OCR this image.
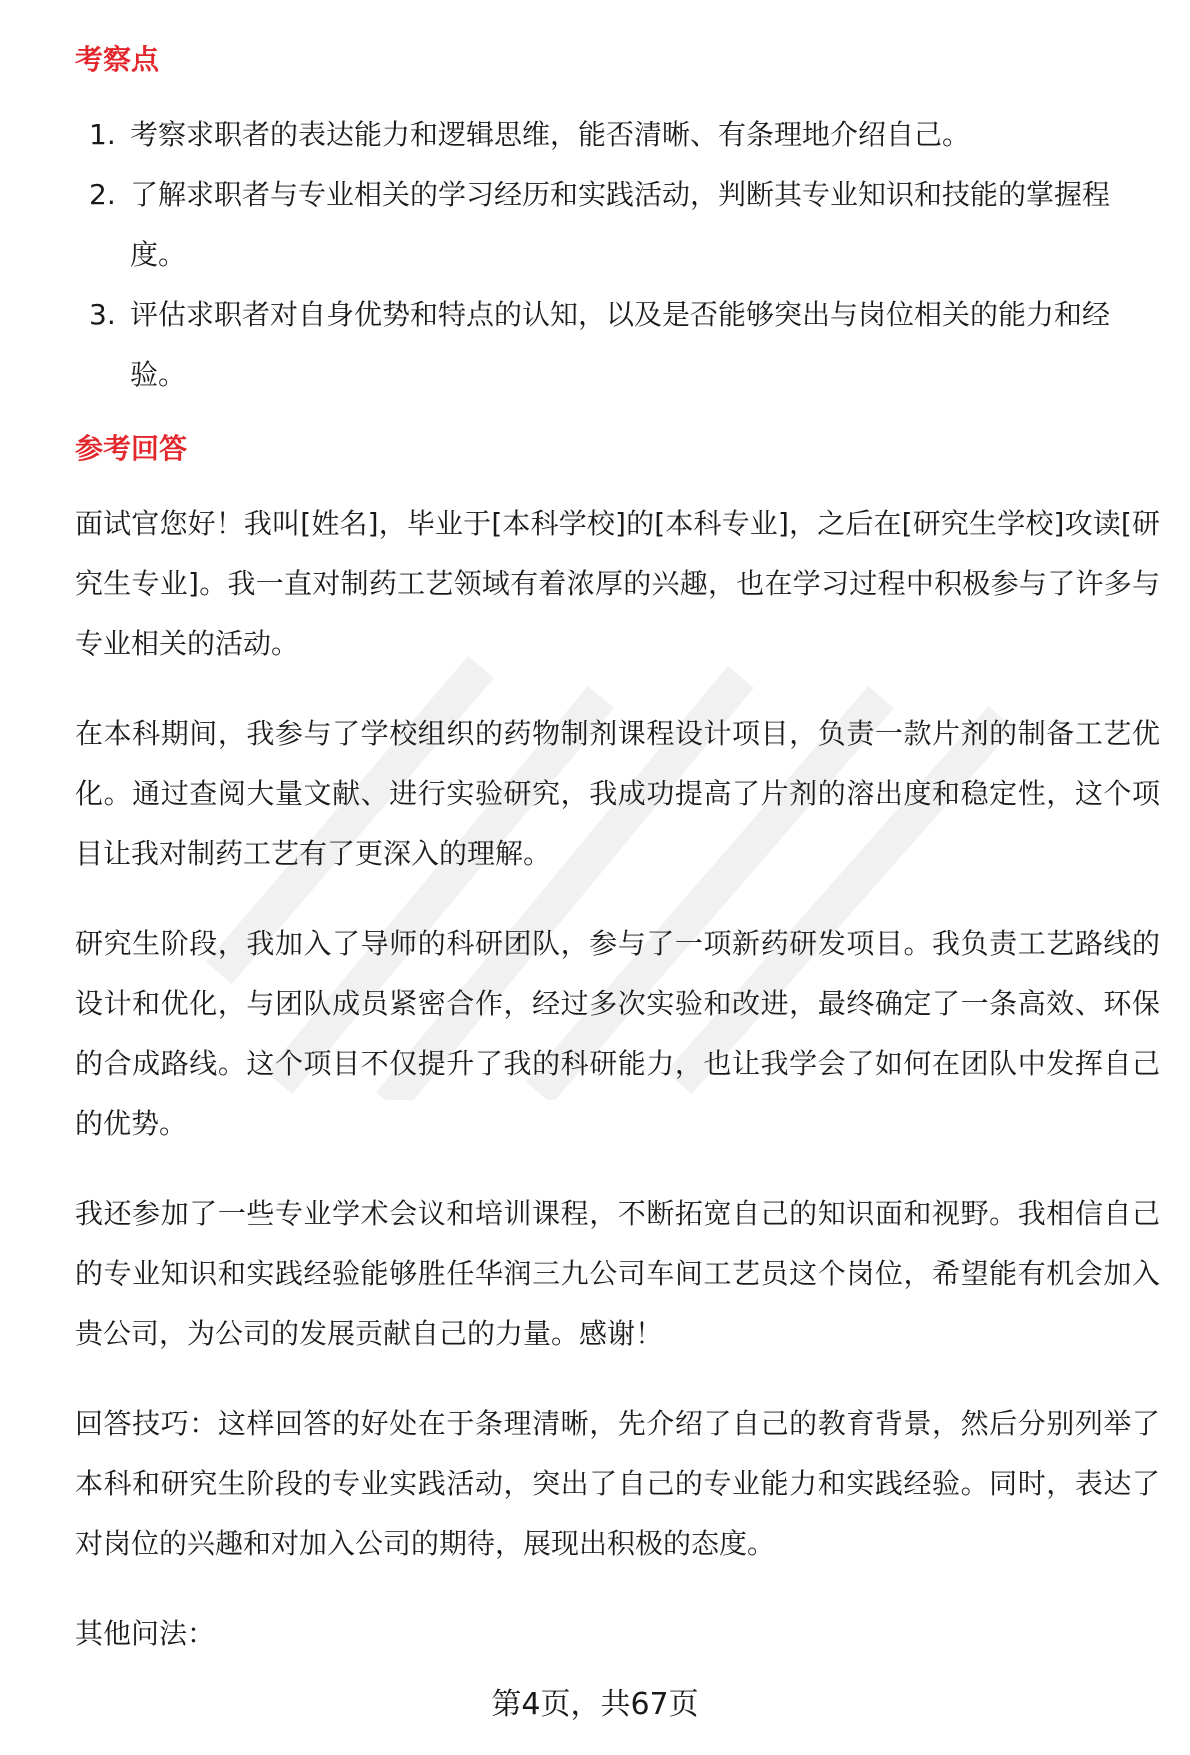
考察点
1. 考察求职者的表达能力和逻辑思维，能否清晰、有条理地介绍自己。
2. 了解求职者与专业相关的学习经历和实践活动，判断其专业知识和技能的掌握程度。
3. 评估求职者对自身优势和特点的认知，以及是否能够突出与岗位相关的能力和经验。
参考回答

面试官您好！我叫[姓名]，毕业于[本科学校]的[本科专业]，之后在[研究生学校]攻读[研究生专业]。我一直对制药工艺领域有着浓厚的兴趣，也在学习过程中积极参与了许多与专业相关的活动。

在本科期间，我参与了学校组织的药物制剂课程设计项目，负责一款片剂的制备工艺优化。通过查阅大量文献、进行实验研究，我成功提高了片剂的溶出度和稳定性，这个项目让我对制药工艺有了更深入的理解。

研究生阶段，我加入了导师的科研团队，参与了一项新药研发项目。我负责工艺路线的设计和优化，与团队成员紧密合作，经过多次实验和改进，最终确定了一条高效、环保的合成路线。这个项目不仅提升了我的科研能力，也让我学会了如何在团队中发挥自己的优势。

我还参加了一些专业学术会议和培训课程，不断拓宽自己的知识面和视野。我相信自己的专业知识和实践经验能够胜任华润三九公司车间工艺员这个岗位，希望能有机会加入贵公司，为公司的发展贡献自己的力量。感谢！

回答技巧：这样回答的好处在于条理清晰，先介绍了自己的教育背景，然后分别列举了本科和研究生阶段的专业实践活动，突出了自己的专业能力和实践经验。同时，表达了对岗位的兴趣和对加入公司的期待，展现出积极的态度。

其他问法：

第4页，共67页
